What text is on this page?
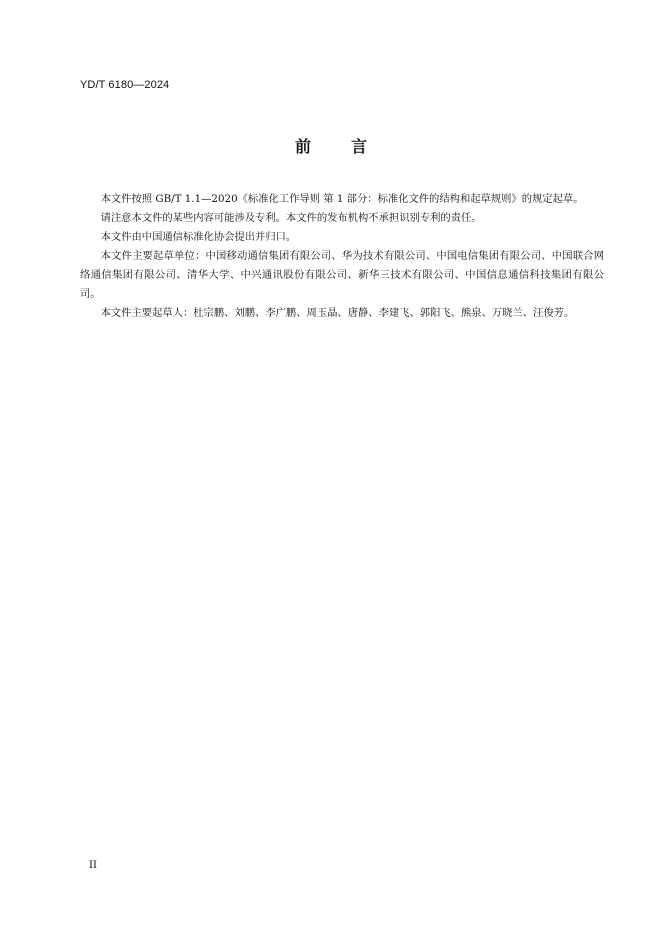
YD/T 6180—2024
前	言

本文件按照 GB/T 1.1—2020《标准化工作导则 第 1 部分：标准化文件的结构和起草规则》的规定起草。

请注意本文件的某些内容可能涉及专利。本文件的发布机构不承担识别专利的责任。

本文件由中国通信标准化协会提出并归口。

本文件主要起草单位：中国移动通信集团有限公司、华为技术有限公司、中国电信集团有限公司、中国联合网络通信集团有限公司、清华大学、中兴通讯股份有限公司、新华三技术有限公司、中国信息通信科技集团有限公司。

本文件主要起草人：杜宗鹏、刘鹏、李广鹏、周玉晶、唐静、李建飞、郭阳飞、熊泉、万晓兰、汪俊芳。

II
